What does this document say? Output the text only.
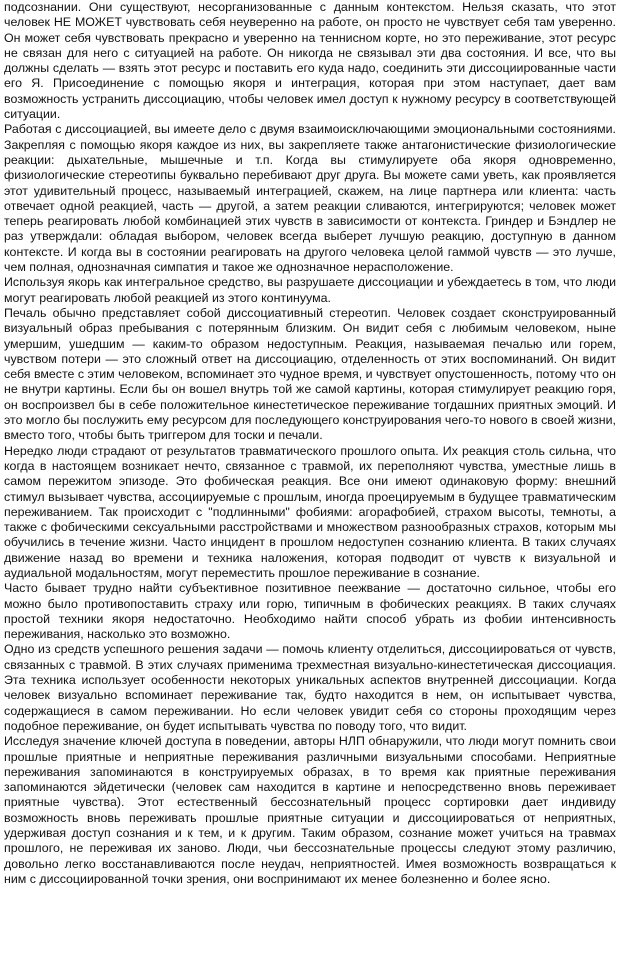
подсознании. Они существуют, несорганизованные с данным контекстом. Нельзя сказать, что этот человек НЕ МОЖЕТ чувствовать себя неуверенно на работе, он просто не чувствует себя там уверенно. Он может себя чувствовать прекрасно и уверенно на теннисном корте, но это переживание, этот ресурс не связан для него с ситуацией на работе. Он никогда не связывал эти два состояния. И все, что вы должны сделать — взять этот ресурс и поставить его куда надо, соединить эти диссоциированные части его Я. Присоединение с помощью якоря и интеграция, которая при этом наступает, дает вам возможность устранить диссоциацию, чтобы человек имел доступ к нужному ресурсу в соответствующей ситуации.

Работая с диссоциацией, вы имеете дело с двумя взаимоисключающими эмоциональными состояниями. Закрепляя с помощью якоря каждое из них, вы закрепляете также антагонистические физиологические реакции: дыхательные, мышечные и т.п. Когда вы стимулируете оба якоря одновременно, физиологические стереотипы буквально перебивают друг друга. Вы можете сами уветь, как проявляется этот удивительный процесс, называемый интеграцией, скажем, на лице партнера или клиента: часть отвечает одной реакцией, часть — другой, а затем реакции сливаются, интегрируются; человек может теперь реагировать любой комбинацией этих чувств в зависимости от контекста. Гриндер и Бэндлер не раз утверждали: обладая выбором, человек всегда выберет лучшую реакцию, доступную в данном контексте. И когда вы в состоянии реагировать на другого человека целой гаммой чувств — это лучше, чем полная, однозначная симпатия и такое же однозначное нерасположение.

Используя якорь как интегральное средство, вы разрушаете диссоциации и убеждаетесь в том, что люди могут реагировать любой реакцией из этого континуума.

Печаль обычно представляет собой диссоциативный стереотип. Человек создает сконструированный визуальный образ пребывания с потерянным близким. Он видит себя с любимым человеком, ныне умершим, ушедшим — каким-то образом недоступным. Реакция, называемая печалью или горем, чувством потери — это сложный ответ на диссоциацию, отделенность от этих воспоминаний. Он видит себя вместе с этим человеком, вспоминает это чудное время, и чувствует опустошенность, потому что он не внутри картины. Если бы он вошел внутрь той же самой картины, которая стимулирует реакцию горя, он воспроизвел бы в себе положительное кинестетическое переживание тогдашних приятных эмоций. И это могло бы послужить ему ресурсом для последующего конструирования чего-то нового в своей жизни, вместо того, чтобы быть триггером для тоски и печали.

Нередко люди страдают от результатов травматического прошлого опыта. Их реакция столь сильна, что когда в настоящем возникает нечто, связанное с травмой, их переполняют чувства, уместные лишь в самом пережитом эпизоде. Это фобическая реакция. Все они имеют одинаковую форму: внешний стимул вызывает чувства, ассоциируемые с прошлым, иногда проецируемым в будущее травматическим переживанием. Так происходит с "подлинными" фобиями: агорафобией, страхом высоты, темноты, а также с фобическими сексуальными расстройствами и множеством разнообразных страхов, которым мы обучились в течение жизни. Часто инцидент в прошлом недоступен сознанию клиента. В таких случаях движение назад во времени и техника наложения, которая подводит от чувств к визуальной и аудиальной модальностям, могут переместить прошлое переживание в сознание.

Часто бывает трудно найти субъективное позитивное пеежвание — достаточно сильное, чтобы его можно было противопоставить страху или горю, типичным в фобических реакциях. В таких случаях простой техники якоря недостаточно. Необходимо найти способ убрать из фобии интенсивность переживания, насколько это возможно.

Одно из средств успешного решения задачи — помочь клиенту отделиться, диссоциироваться от чувств, связанных с травмой. В этих случаях применима трехместная визуально-кинестетическая диссоциация. Эта техника использует особенности некоторых уникальных аспектов внутренней диссоциации. Когда человек визуально вспоминает переживание так, будто находится в нем, он испытывает чувства, содержащиеся в самом переживании. Но если человек увидит себя со стороны проходящим через подобное переживание, он будет испытывать чувства по поводу того, что видит.

Исследуя значение ключей доступа в поведении, авторы НЛП обнаружили, что люди могут помнить свои прошлые приятные и неприятные переживания различными визуальными способами. Неприятные переживания запоминаются в конструируемых образах, в то время как приятные переживания запоминаются эйдетически (человек сам находится в картине и непосредственно вновь переживает приятные чувства). Этот естественный бессознательный процесс сортировки дает индивиду возможность вновь переживать прошлые приятные ситуации и диссоциироваться от неприятных, удерживая доступ сознания и к тем, и к другим. Таким образом, сознание может учиться на травмах прошлого, не переживая их заново. Люди, чьи бессознательные процессы следуют этому различию, довольно легко восстанавливаются после неудач, неприятностей. Имея возможность возвращаться к ним с диссоциированной точки зрения, они воспринимают их менее болезненно и более ясно.
